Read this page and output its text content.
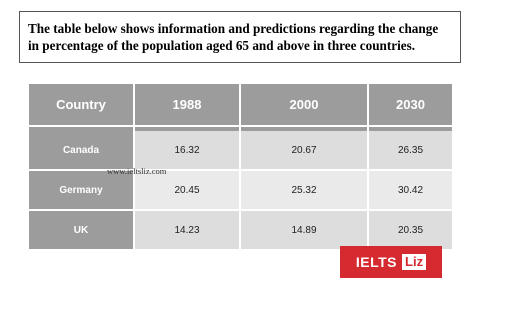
The table below shows information and predictions regarding the change
in percentage of the population aged 65 and above in three countries.
Country	1988	2000	2030

Canada	16.32	20.67	26.35
Germany	20.45	25.32	30.42
UK	14.23	14.89	20.35
www.ieltsliz.com
IELTS Liz
